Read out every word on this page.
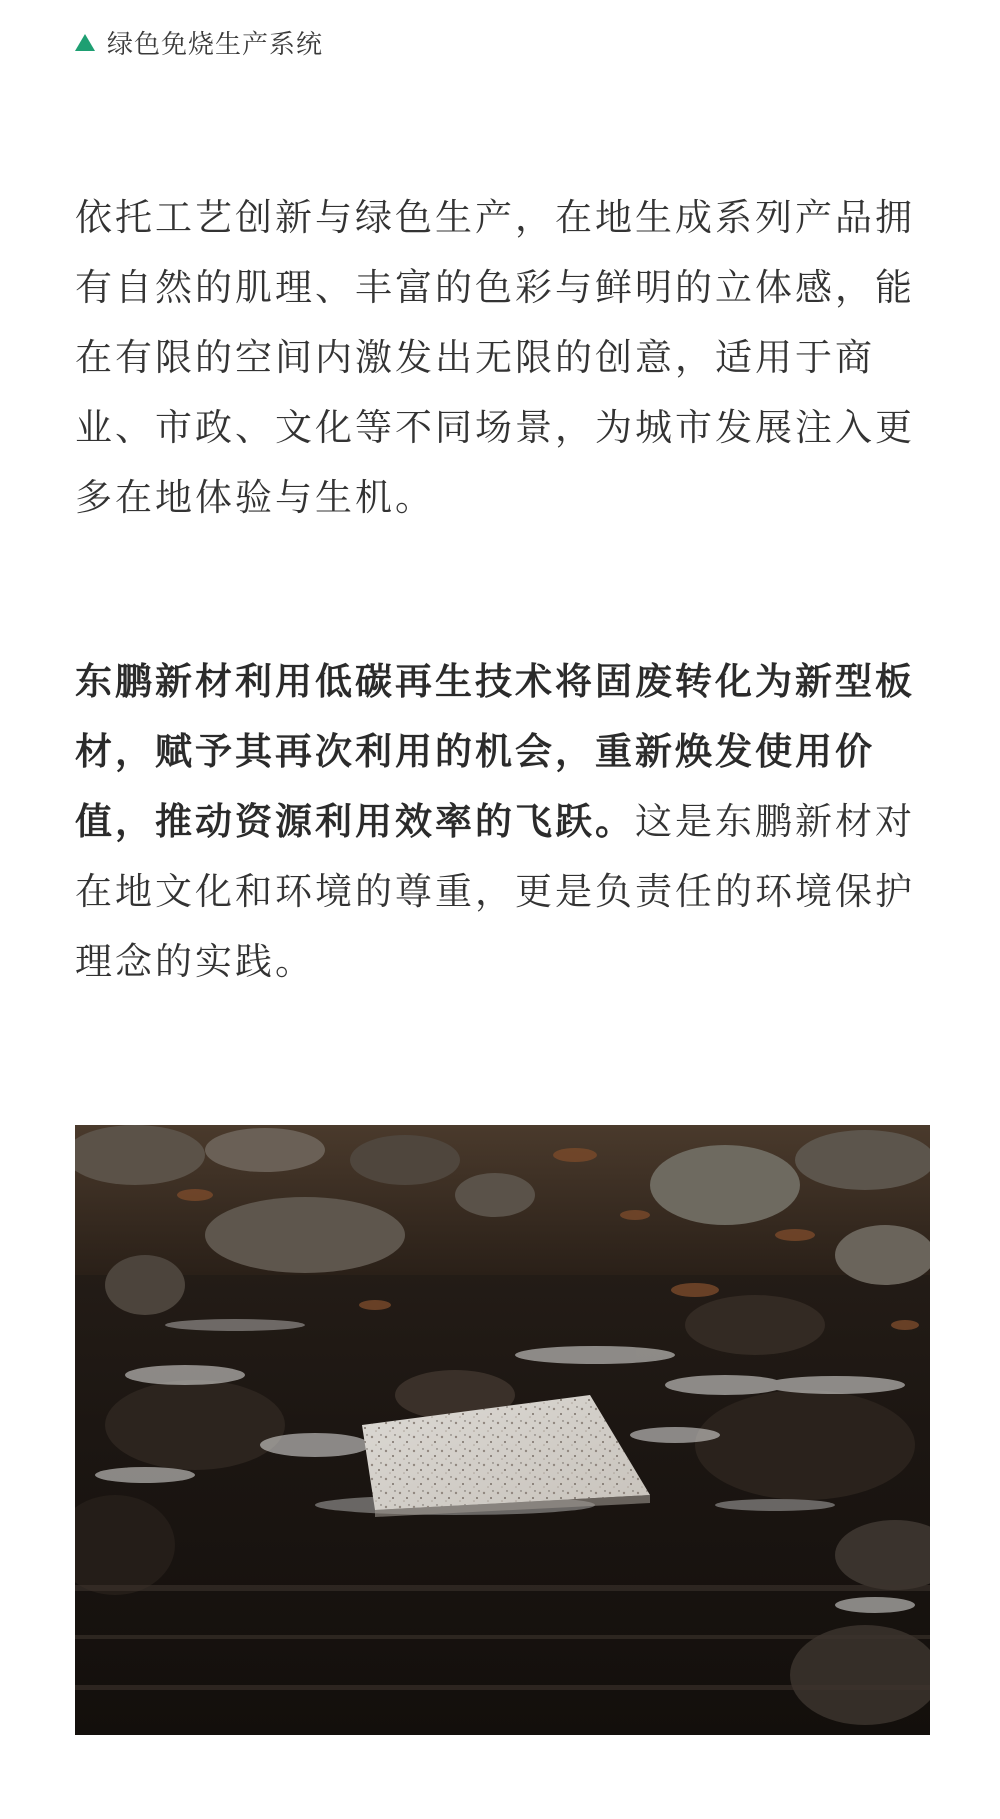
绿色免烧生产系统

依托工艺创新与绿色生产，在地生成系列产品拥有自然的肌理、丰富的色彩与鲜明的立体感，能在有限的空间内激发出无限的创意，适用于商业、市政、文化等不同场景，为城市发展注入更多在地体验与生机。

东鹏新材利用低碳再生技术将固废转化为新型板材，赋予其再次利用的机会，重新焕发使用价值，推动资源利用效率的飞跃。这是东鹏新材对在地文化和环境的尊重，更是负责任的环境保护理念的实践。
